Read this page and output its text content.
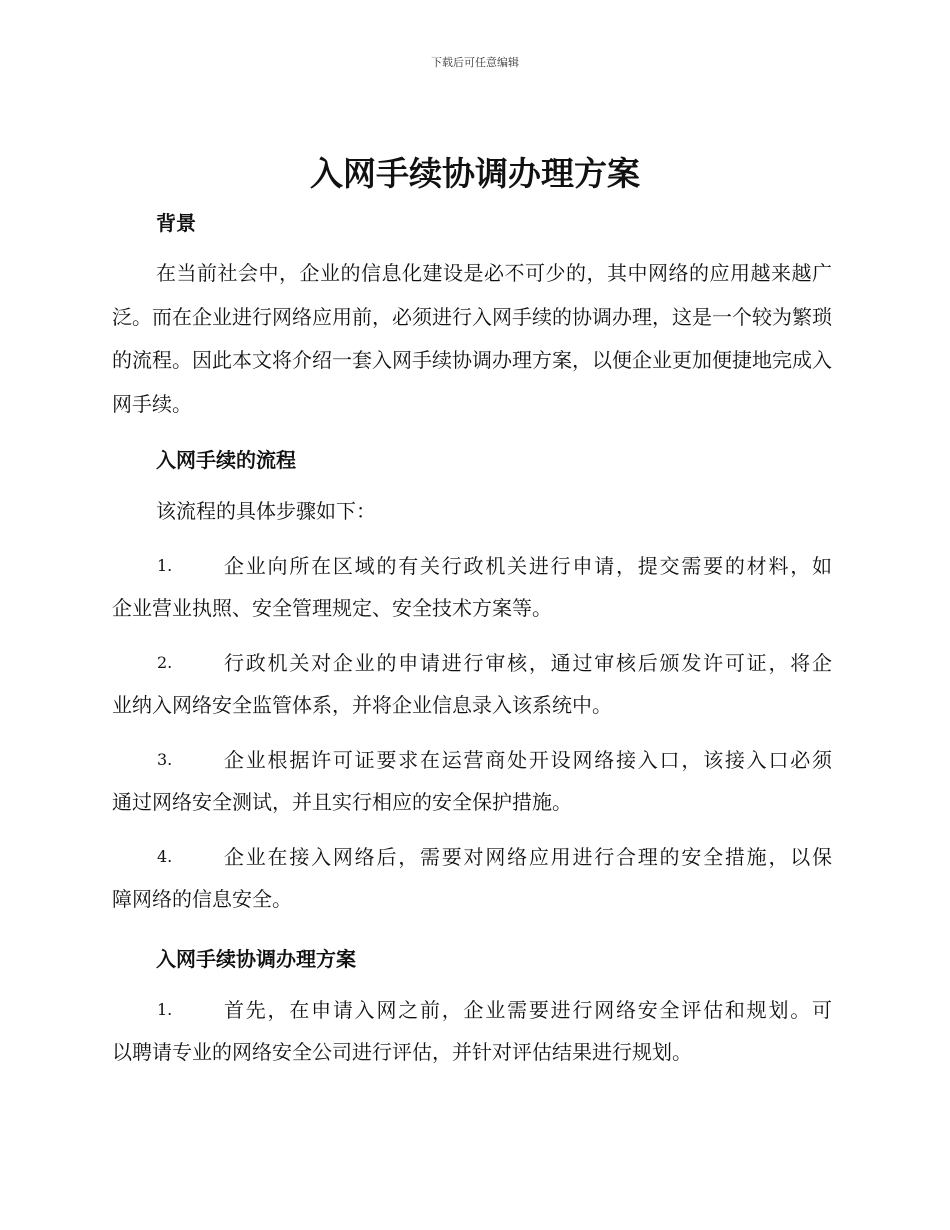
下载后可任意编辑
入网手续协调办理方案
背景

在当前社会中，企业的信息化建设是必不可少的，其中网络的应用越来越广泛。而在企业进行网络应用前，必须进行入网手续的协调办理，这是一个较为繁琐的流程。因此本文将介绍一套入网手续协调办理方案，以便企业更加便捷地完成入网手续。

入网手续的流程

该流程的具体步骤如下：

1.	企业向所在区域的有关行政机关进行申请，提交需要的材料，如
企业营业执照、安全管理规定、安全技术方案等。
2.	行政机关对企业的申请进行审核，通过审核后颁发许可证，将企
业纳入网络安全监管体系，并将企业信息录入该系统中。
3.	企业根据许可证要求在运营商处开设网络接入口，该接入口必须
通过网络安全测试，并且实行相应的安全保护措施。
4.	企业在接入网络后，需要对网络应用进行合理的安全措施，以保
障网络的信息安全。
入网手续协调办理方案
1.	首先，在申请入网之前，企业需要进行网络安全评估和规划。可
以聘请专业的网络安全公司进行评估，并针对评估结果进行规划。
